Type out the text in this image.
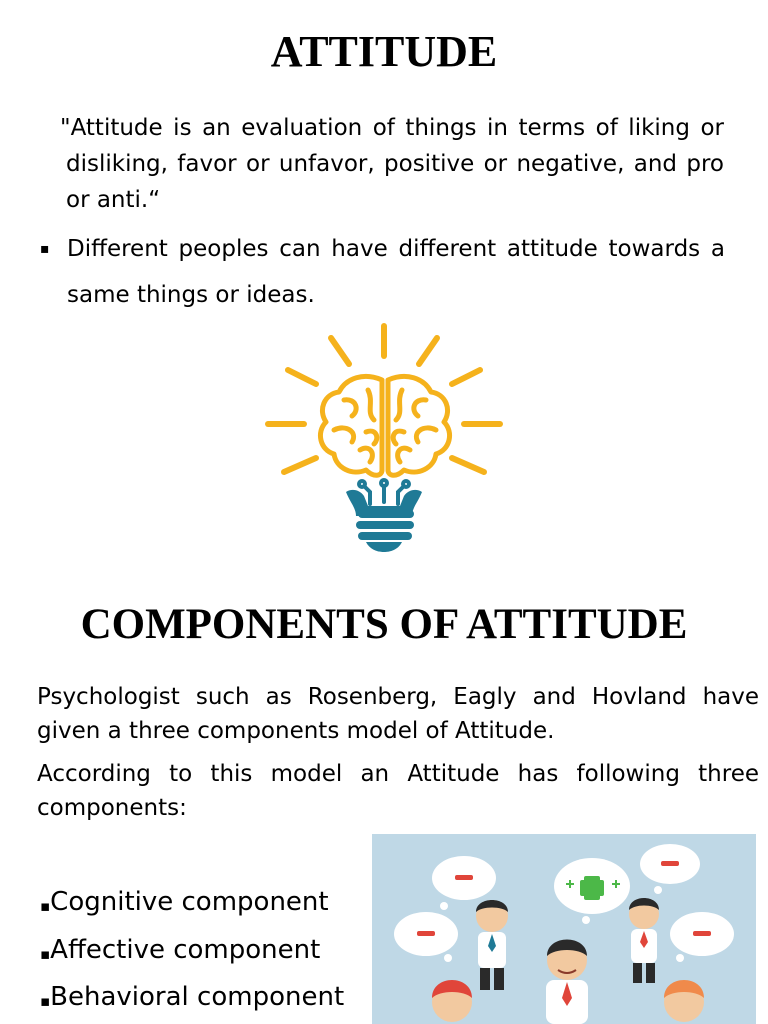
ATTITUDE
"Attitude is an evaluation of things in terms of liking or disliking, favor or unfavor, positive or negative, and pro or anti.“
▪ Different peoples can have different attitude towards a same things or ideas.
COMPONENTS OF ATTITUDE
Psychologist such as Rosenberg, Eagly and Hovland have given a three components model of Attitude.
According to this model an Attitude has following three components:
▪Cognitive component
▪Affective component
▪Behavioral component
